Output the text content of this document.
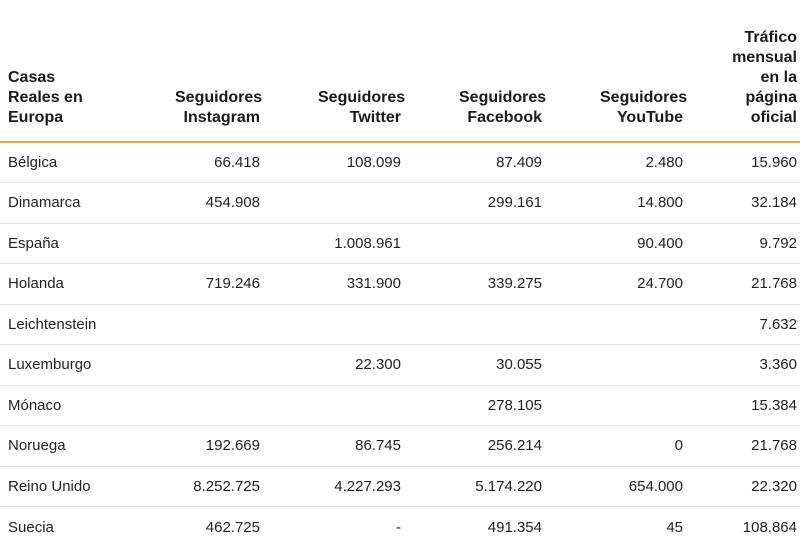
Casas Reales en Europa	Seguidores Instagram	Seguidores Twitter	Seguidores Facebook	Seguidores YouTube	Tráfico mensual en la página oficial
Bélgica	66.418	108.099	87.409	2.480	15.960
Dinamarca	454.908		299.161	14.800	32.184
España		1.008.961		90.400	9.792
Holanda	719.246	331.900	339.275	24.700	21.768
Leichtenstein					7.632
Luxemburgo		22.300	30.055		3.360
Mónaco			278.105		15.384
Noruega	192.669	86.745	256.214	0	21.768
Reino Unido	8.252.725	4.227.293	5.174.220	654.000	22.320
Suecia	462.725	-	491.354	45	108.864
